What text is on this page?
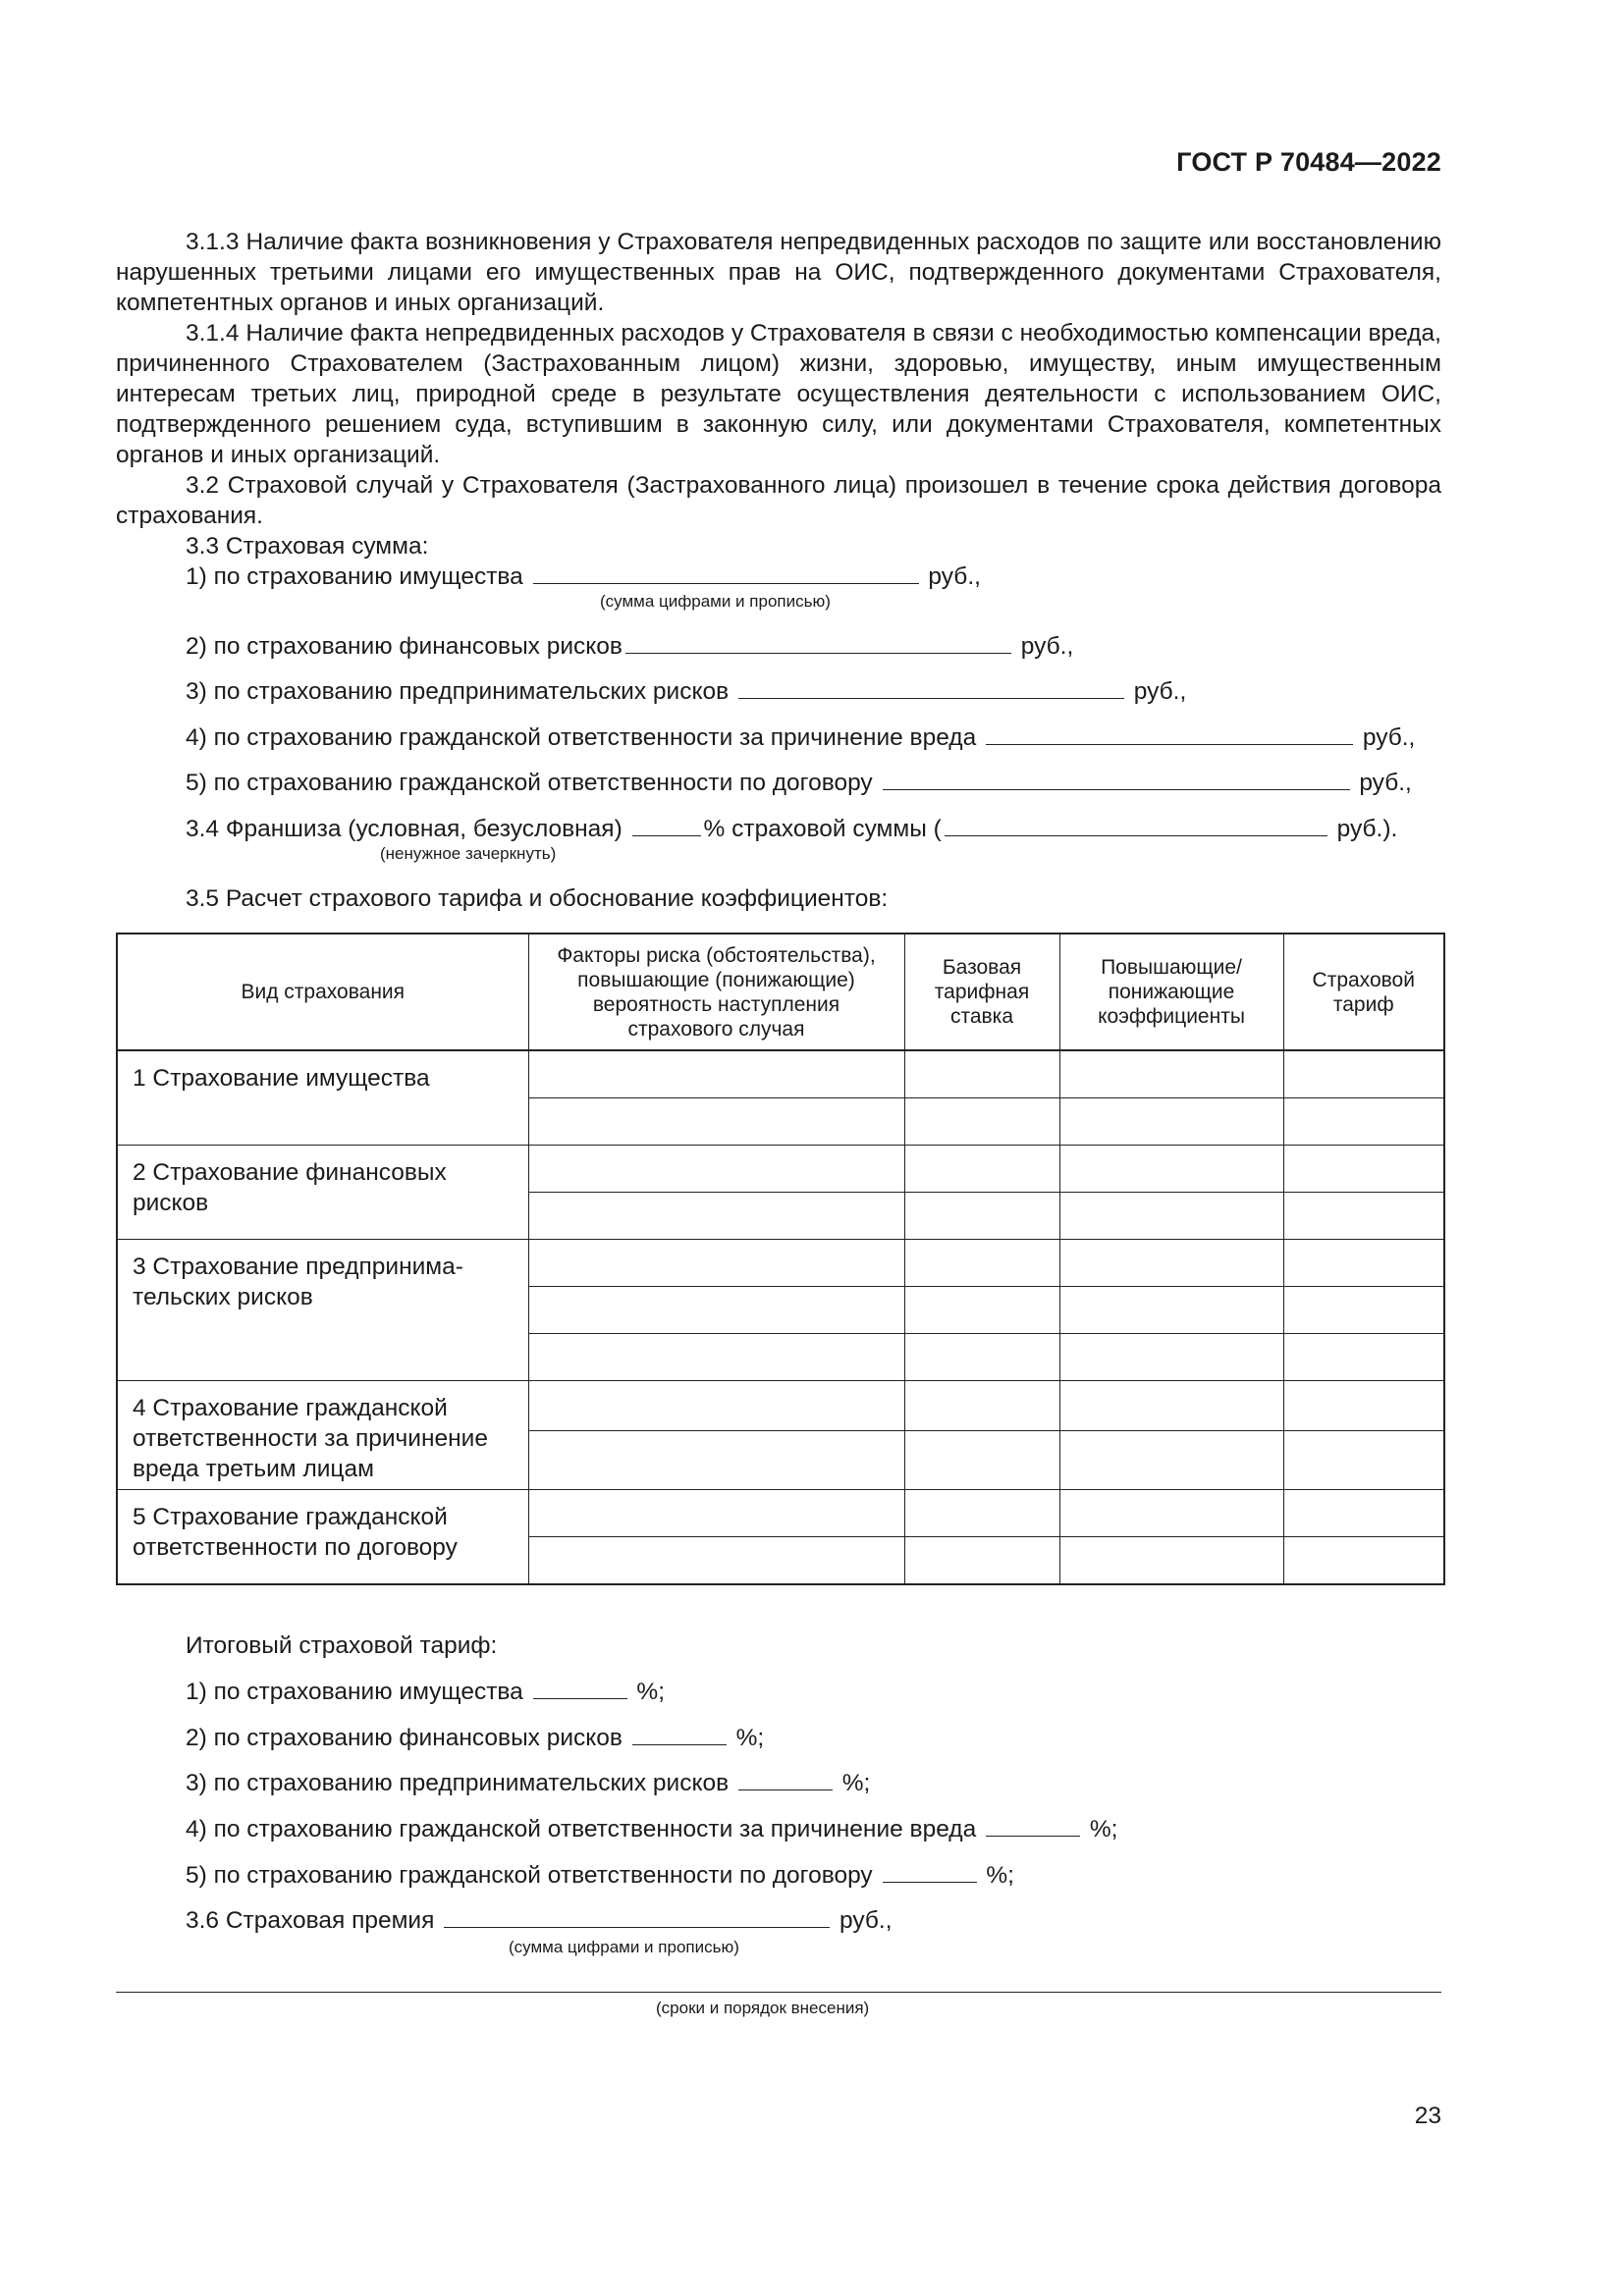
ГОСТ Р 70484—2022

3.1.3 Наличие факта возникновения у Страхователя непредвиденных расходов по защите или восстановлению нарушенных третьими лицами его имущественных прав на ОИС, подтвержденного документами Страхователя, компетентных органов и иных организаций.

3.1.4 Наличие факта непредвиденных расходов у Страхователя в связи с необходимостью компенсации вреда, причиненного Страхователем (Застрахованным лицом) жизни, здоровью, имуществу, иным имущественным интересам третьих лиц, природной среде в результате осуществления деятельности с использованием ОИС, подтвержденного решением суда, вступившим в законную силу, или документами Страхователя, компетентных органов и иных организаций.

3.2 Страховой случай у Страхователя (Застрахованного лица) произошел в течение срока действия договора страхования.

3.3 Страховая сумма:
1) по страхованию имущества	руб.,
(сумма цифрами и прописью)
2) по страхованию финансовых рисков	руб.,
3) по страхованию предпринимательских рисков	руб.,
4) по страхованию гражданской ответственности за причинение вреда	руб.,
5) по страхованию гражданской ответственности по договору	руб.,
3.4 Франшиза (условная, безусловная)	% страховой суммы (	руб.).
(ненужное зачеркнуть)
3.5 Расчет страхового тарифа и обоснование коэффициентов:
Вид страхования	Факторы риска (обстоятельства), повышающие (понижающие) вероятность наступления страхового случая	Базовая тарифная ставка	Повышающие/ понижающие коэффициенты	Страховой тариф
1 Страхование имущества				

2 Страхование финансовых рисков				

3 Страхование предпринима-тельских рисков				

4 Страхование гражданской ответственности за причинение вреда третьим лицам				

5 Страхование гражданской ответственности по договору				

Итоговый страховой тариф:
1) по страхованию имущества	%;
2) по страхованию финансовых рисков	%;
3) по страхованию предпринимательских рисков	%;
4) по страхованию гражданской ответственности за причинение вреда	%;
5) по страхованию гражданской ответственности по договору	%;
3.6 Страховая премия	руб.,
(сумма цифрами и прописью)
(сроки и порядок внесения)
23
